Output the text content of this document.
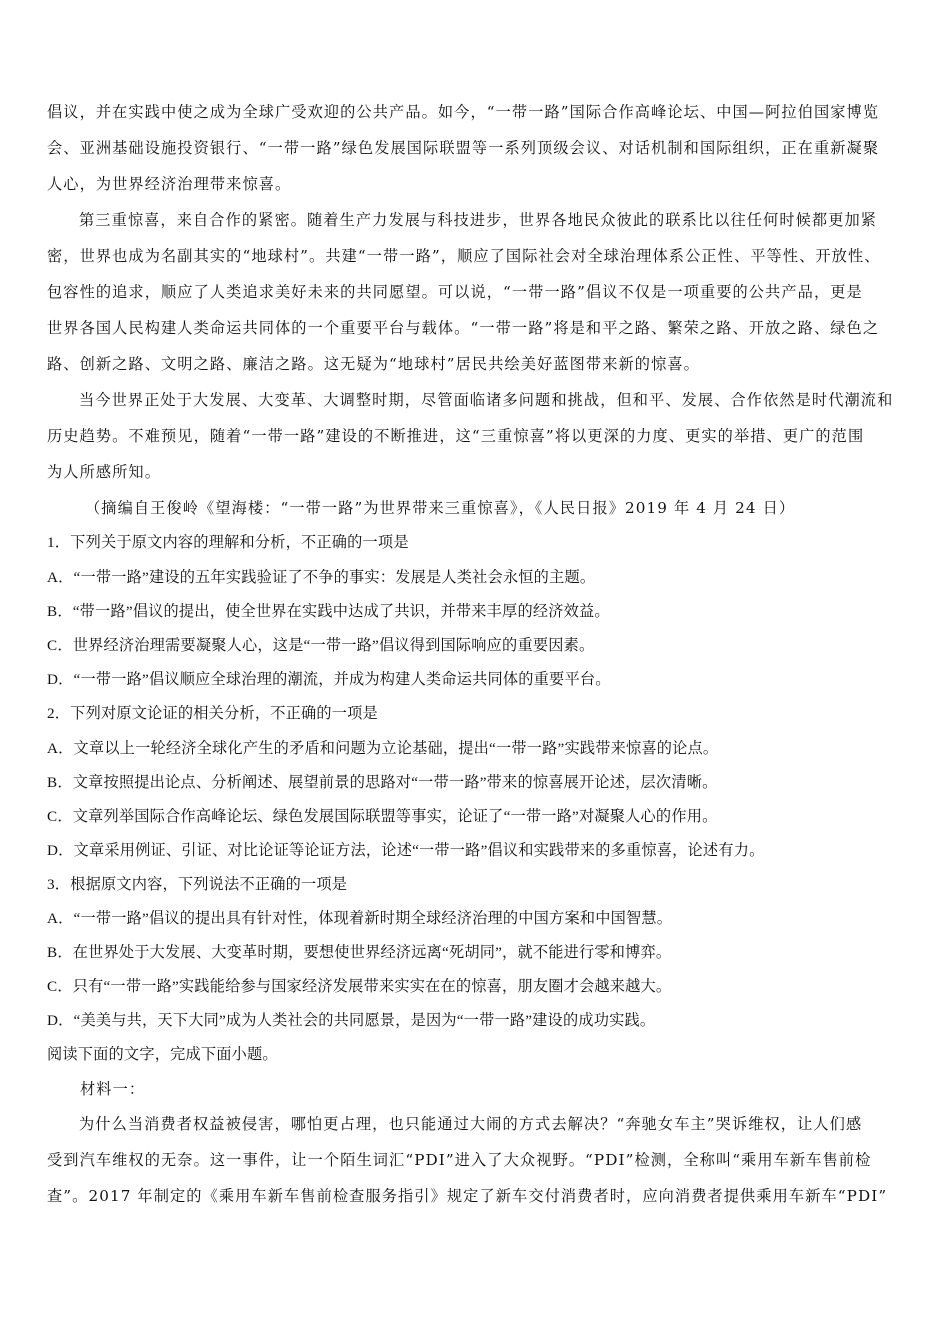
倡议，并在实践中使之成为全球广受欢迎的公共产品。如今，“一带一路”国际合作高峰论坛、中国—阿拉伯国家博览
会、亚洲基础设施投资银行、“一带一路”绿色发展国际联盟等一系列顶级会议、对话机制和国际组织，正在重新凝聚
人心，为世界经济治理带来惊喜。
第三重惊喜，来自合作的紧密。随着生产力发展与科技进步，世界各地民众彼此的联系比以往任何时候都更加紧
密，世界也成为名副其实的“地球村”。共建“一带一路”，顺应了国际社会对全球治理体系公正性、平等性、开放性、
包容性的追求，顺应了人类追求美好未来的共同愿望。可以说，“一带一路”倡议不仅是一项重要的公共产品，更是
世界各国人民构建人类命运共同体的一个重要平台与载体。“一带一路”将是和平之路、繁荣之路、开放之路、绿色之
路、创新之路、文明之路、廉洁之路。这无疑为“地球村”居民共绘美好蓝图带来新的惊喜。
当今世界正处于大发展、大变革、大调整时期，尽管面临诸多问题和挑战，但和平、发展、合作依然是时代潮流和
历史趋势。不难预见，随着“一带一路”建设的不断推进，这“三重惊喜”将以更深的力度、更实的举措、更广的范围
为人所感所知。
（摘编自王俊岭《望海楼：“一带一路”为世界带来三重惊喜》，《人民日报》2019 年 4 月 24 日）
1．下列关于原文内容的理解和分析，不正确的一项是
A．“一带一路”建设的五年实践验证了不争的事实：发展是人类社会永恒的主题。
B．“带一路”倡议的提出，使全世界在实践中达成了共识，并带来丰厚的经济效益。
C．世界经济治理需要凝聚人心，这是“一带一路”倡议得到国际响应的重要因素。
D．“一带一路”倡议顺应全球治理的潮流，并成为构建人类命运共同体的重要平台。
2．下列对原文论证的相关分析，不正确的一项是
A．文章以上一轮经济全球化产生的矛盾和问题为立论基础，提出“一带一路”实践带来惊喜的论点。
B．文章按照提出论点、分析阐述、展望前景的思路对“一带一路”带来的惊喜展开论述，层次清晰。
C．文章列举国际合作高峰论坛、绿色发展国际联盟等事实，论证了“一带一路”对凝聚人心的作用。
D．文章采用例证、引证、对比论证等论证方法，论述“一带一路”倡议和实践带来的多重惊喜，论述有力。
3．根据原文内容，下列说法不正确的一项是
A．“一带一路”倡议的提出具有针对性，体现着新时期全球经济治理的中国方案和中国智慧。
B．在世界处于大发展、大变革时期，要想使世界经济远离“死胡同”，就不能进行零和博弈。
C．只有“一带一路”实践能给参与国家经济发展带来实实在在的惊喜，朋友圈才会越来越大。
D．“美美与共，天下大同”成为人类社会的共同愿景，是因为“一带一路”建设的成功实践。
阅读下面的文字，完成下面小题。
材料一：
为什么当消费者权益被侵害，哪怕更占理，也只能通过大闹的方式去解决？“奔驰女车主”哭诉维权，让人们感
受到汽车维权的无奈。这一事件，让一个陌生词汇“PDI”进入了大众视野。“PDI”检测，全称叫“乘用车新车售前检
查”。2017 年制定的《乘用车新车售前检查服务指引》规定了新车交付消费者时，应向消费者提供乘用车新车“PDI”
